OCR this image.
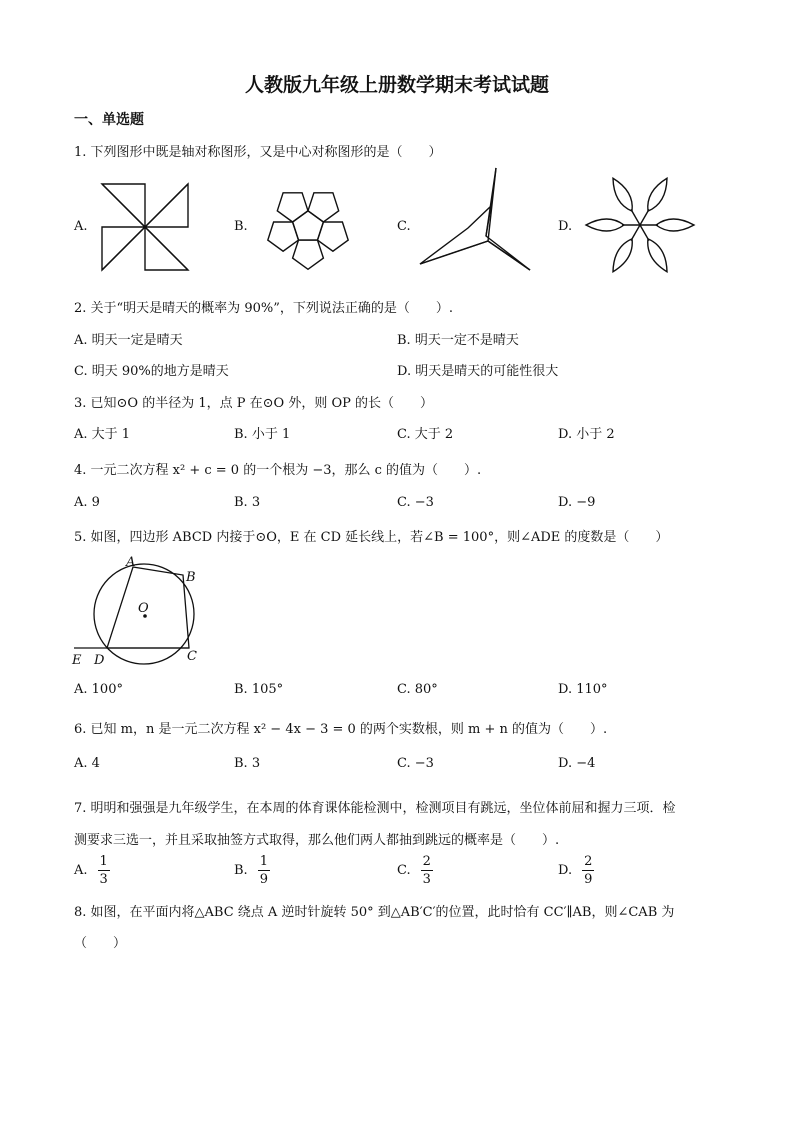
人教版九年级上册数学期末考试试题
一、单选题
1. 下列图形中既是轴对称图形，又是中心对称图形的是（　　）
A.	B.	C.	D.
2. 关于“明天是晴天的概率为 90%”，下列说法正确的是（　　）.
A. 明天一定是晴天	B. 明天一定不是晴天
C. 明天 90%的地方是晴天	D. 明天是晴天的可能性很大
3. 已知⊙O 的半径为 1，点 P 在⊙O 外，则 OP 的长（　　）
A. 大于 1	B. 小于 1	C. 大于 2	D. 小于 2
4. 一元二次方程 x² + c = 0 的一个根为 −3，那么 c 的值为（　　）.
A. 9	B. 3	C. −3	D. −9
5. 如图，四边形 ABCD 内接于⊙O，E 在 CD 延长线上，若∠B = 100°，则∠ADE 的度数是（　　）
A
B
C
D
E
O
A. 100°	B. 105°	C. 80°	D. 110°
6. 已知 m，n 是一元二次方程 x² − 4x − 3 = 0 的两个实数根，则 m + n 的值为（　　）.
A. 4	B. 3	C. −3	D. −4
7. 明明和强强是九年级学生，在本周的体育课体能检测中，检测项目有跳远，坐位体前屈和握力三项．检
测要求三选一，并且采取抽签方式取得，那么他们两人都抽到跳远的概率是（　　）.
A. $\frac{1}{3}$	B. $\frac{1}{9}$	C. $\frac{2}{3}$	D. $\frac{2}{9}$
8. 如图，在平面内将△ABC 绕点 A 逆时针旋转 50° 到△AB′C′的位置，此时恰有 CC′∥AB，则∠CAB 为
（　　）
